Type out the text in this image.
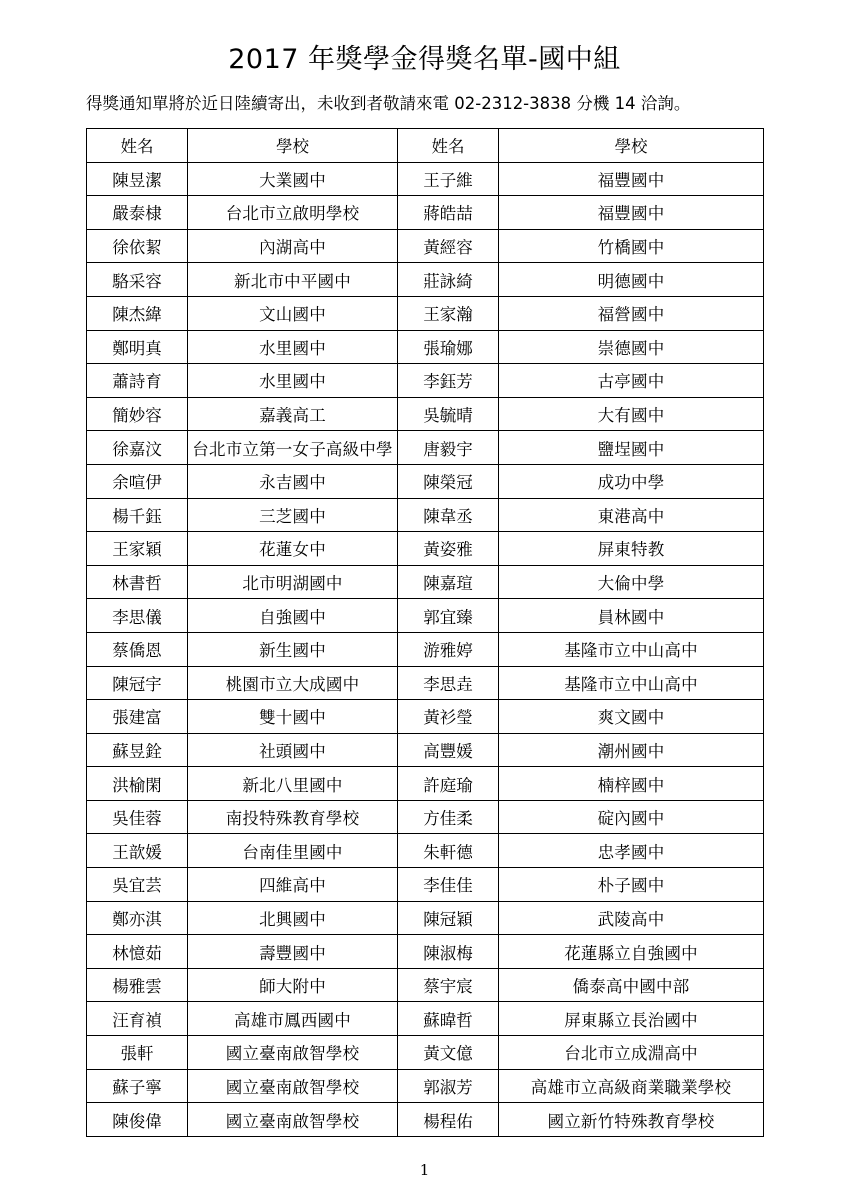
2017 年獎學金得獎名單-國中組
得獎通知單將於近日陸續寄出，未收到者敬請來電 02-2312-3838 分機 14 洽詢。
姓名	學校	姓名	學校
陳昱潔	大業國中	王子維	福豐國中
嚴泰棣	台北市立啟明學校	蔣皓喆	福豐國中
徐依絜	內湖高中	黃經容	竹橋國中
駱采容	新北市中平國中	莊詠綺	明德國中
陳杰緯	文山國中	王家瀚	福營國中
鄭明真	水里國中	張瑜娜	崇德國中
蕭詩育	水里國中	李鈺芳	古亭國中
簡妙容	嘉義高工	吳毓晴	大有國中
徐嘉汶	台北市立第一女子高級中學	唐毅宇	鹽埕國中
余喧伊	永吉國中	陳榮冠	成功中學
楊千鈺	三芝國中	陳韋丞	東港高中
王家穎	花蓮女中	黃姿雅	屏東特教
林書哲	北市明湖國中	陳嘉瑄	大倫中學
李思儀	自強國中	郭宜臻	員林國中
蔡僑恩	新生國中	游雅婷	基隆市立中山高中
陳冠宇	桃園市立大成國中	李思垚	基隆市立中山高中
張建富	雙十國中	黃衫瑩	爽文國中
蘇昱銓	社頭國中	高豐媛	潮州國中
洪榆閑	新北八里國中	許庭瑜	楠梓國中
吳佳蓉	南投特殊教育學校	方佳柔	碇內國中
王歆媛	台南佳里國中	朱軒德	忠孝國中
吳宜芸	四維高中	李佳佳	朴子國中
鄭亦淇	北興國中	陳冠穎	武陵高中
林憶茹	壽豐國中	陳淑梅	花蓮縣立自強國中
楊雅雲	師大附中	蔡宇宸	僑泰高中國中部
汪育禎	高雄市鳳西國中	蘇暐哲	屏東縣立長治國中
張軒	國立臺南啟智學校	黃文億	台北市立成淵高中
蘇子寧	國立臺南啟智學校	郭淑芳	高雄市立高級商業職業學校
陳俊偉	國立臺南啟智學校	楊程佑	國立新竹特殊教育學校
1
